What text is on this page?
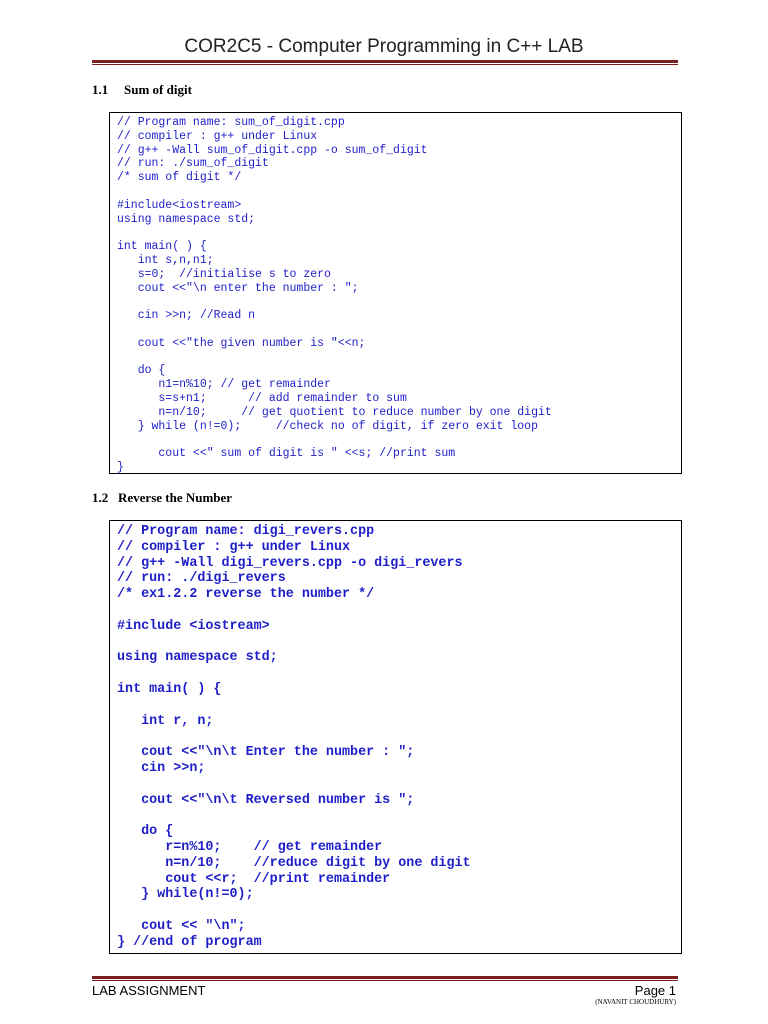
COR2C5 - Computer Programming in C++ LAB
1.1 Sum of digit
// Program name: sum_of_digit.cpp
// compiler : g++ under Linux
// g++ -Wall sum_of_digit.cpp -o sum_of_digit
// run: ./sum_of_digit
/* sum of digit */

#include<iostream>
using namespace std;

int main( ) {
int s,n,n1;
s=0;  //initialise s to zero
cout <<"\n enter the number : ";

cin >>n; //Read n

cout <<"the given number is "<<n;

do {
n1=n%10; // get remainder
s=s+n1;      // add remainder to sum
n=n/10;     // get quotient to reduce number by one digit
} while (n!=0);     //check no of digit, if zero exit loop

cout <<" sum of digit is " <<s; //print sum
}
1.2 Reverse the Number
// Program name: digi_revers.cpp
// compiler : g++ under Linux
// g++ -Wall digi_revers.cpp -o digi_revers
// run: ./digi_revers
/* ex1.2.2 reverse the number */

#include <iostream>

using namespace std;

int main( ) {

int r, n;

cout <<"\n\t Enter the number : ";
cin >>n;

cout <<"\n\t Reversed number is ";

do {
r=n%10;    // get remainder
n=n/10;    //reduce digit by one digit
cout <<r;  //print remainder
} while(n!=0);

cout << "\n";
} //end of program
LAB ASSIGNMENT	Page 1
(NAVANIT CHOUDHURY)
